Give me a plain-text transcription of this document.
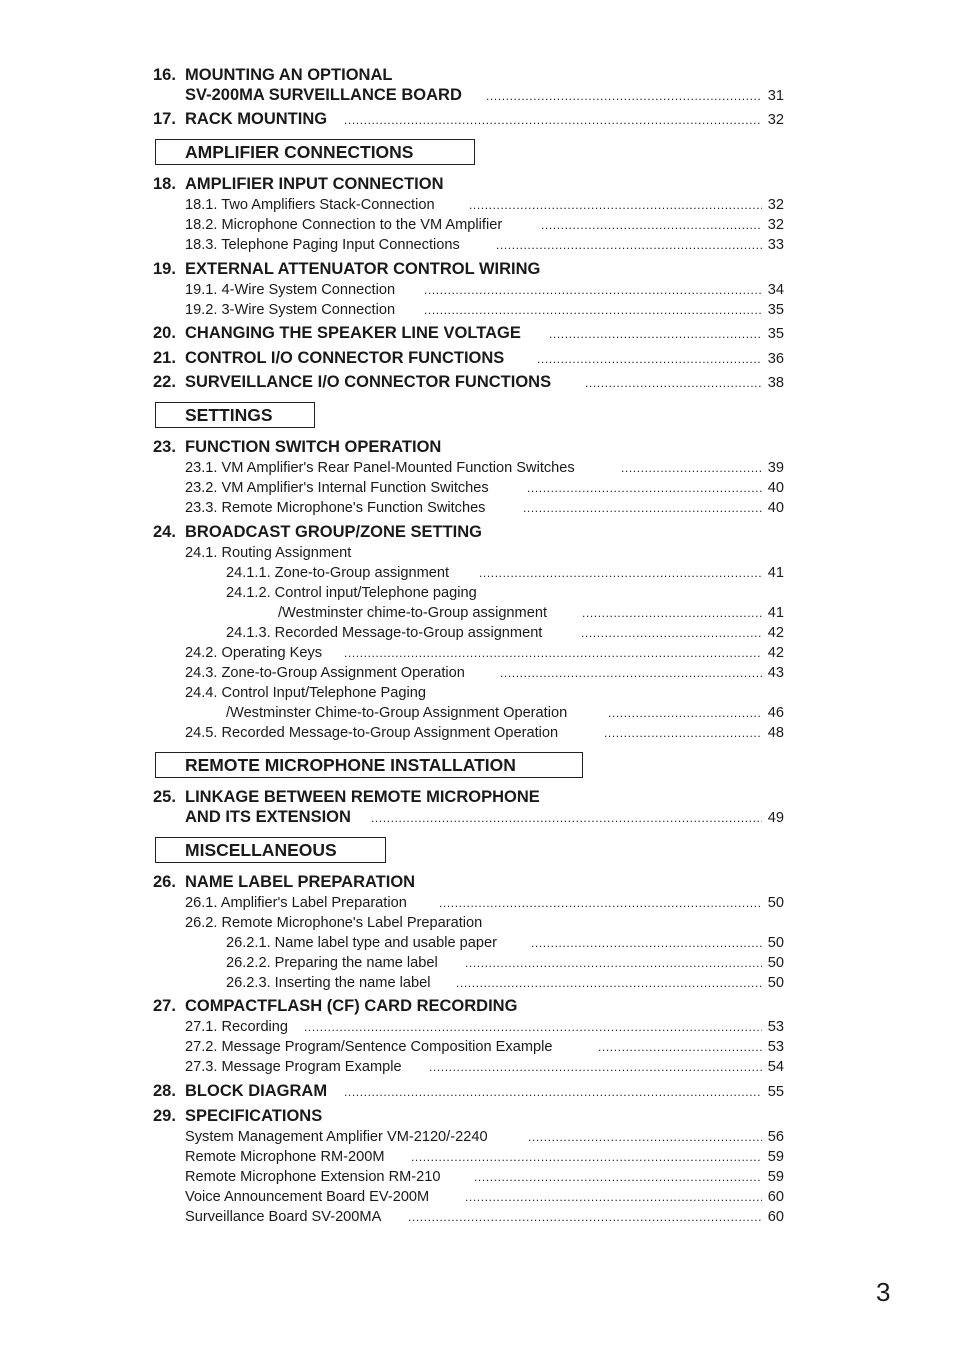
16. MOUNTING AN OPTIONAL
SV-200MA SURVEILLANCE BOARD .....	31
17. RACK MOUNTING .....	32
AMPLIFIER CONNECTIONS
18. AMPLIFIER INPUT CONNECTION
18.1. Two Amplifiers Stack-Connection .....	32
18.2. Microphone Connection to the VM Amplifier .....	32
18.3. Telephone Paging Input Connections .....	33
19. EXTERNAL ATTENUATOR CONTROL WIRING
19.1. 4-Wire System Connection .....	34
19.2. 3-Wire System Connection .....	35
20. CHANGING THE SPEAKER LINE VOLTAGE .....	35
21. CONTROL I/O CONNECTOR FUNCTIONS .....	36
22. SURVEILLANCE I/O CONNECTOR FUNCTIONS .....	38
SETTINGS
23. FUNCTION SWITCH OPERATION
23.1. VM Amplifier's Rear Panel-Mounted Function Switches .....	39
23.2. VM Amplifier's Internal Function Switches .....	40
23.3. Remote Microphone's Function Switches .....	40
24. BROADCAST GROUP/ZONE SETTING
24.1. Routing Assignment
24.1.1. Zone-to-Group assignment .....	41
24.1.2. Control input/Telephone paging
/Westminster chime-to-Group assignment .....	41
24.1.3. Recorded Message-to-Group assignment .....	42
24.2. Operating Keys .....	42
24.3. Zone-to-Group Assignment Operation .....	43
24.4. Control Input/Telephone Paging
/Westminster Chime-to-Group Assignment Operation .....	46
24.5. Recorded Message-to-Group Assignment Operation .....	48
REMOTE MICROPHONE INSTALLATION
25. LINKAGE BETWEEN REMOTE MICROPHONE
AND ITS EXTENSION .....	49
MISCELLANEOUS
26. NAME LABEL PREPARATION
26.1. Amplifier's Label Preparation .....	50
26.2. Remote Microphone's Label Preparation
26.2.1. Name label type and usable paper .....	50
26.2.2. Preparing the name label .....	50
26.2.3. Inserting the name label .....	50
27. COMPACTFLASH (CF) CARD RECORDING
27.1. Recording .....	53
27.2. Message Program/Sentence Composition Example .....	53
27.3. Message Program Example .....	54
28. BLOCK DIAGRAM .....	55
29. SPECIFICATIONS
System Management Amplifier VM-2120/-2240 .....	56
Remote Microphone RM-200M .....	59
Remote Microphone Extension RM-210 .....	59
Voice Announcement Board EV-200M .....	60
Surveillance Board SV-200MA .....	60
3
